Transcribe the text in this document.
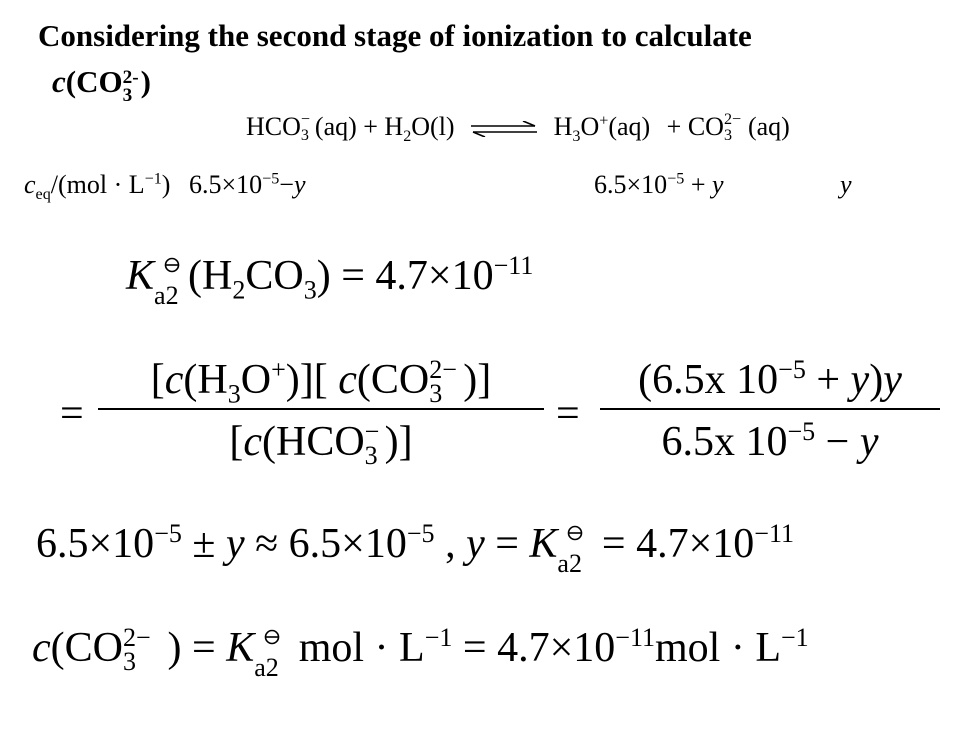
Considering the second stage of ionization to calculate
c(CO 2-
3 )
HCO −
3 $(aq) + H_2O(l)$ ⇌ $H_3O^+(aq)$ + CO 2−
3 (aq)
$c_{eq}/(mol \cdot L^{-1})$ $6.5\times 10^{-5}-y$	$6.5\times 10^{-5} + y$	y
K a2 $(H_2CO_3) = 4.7\times 10^{-11}$
=
$[c(H_3O^+)]$[ c(CO 2−
3 )]
[c(HCO −
3 )]
=
(6.5x $10^{-5} + y)y$
6.5x $10^{-5} - y$
$6.5\times 10^{-5} \pm y \approx 6.5\times 10^{-5}$ , y = K $a2 = 4.7\times 10^{-11}$
c(CO 2−
3 ) = K a2 mol · $L^{-1} = 4.7\times 10^{-11}mol \cdot L^{-1}$
